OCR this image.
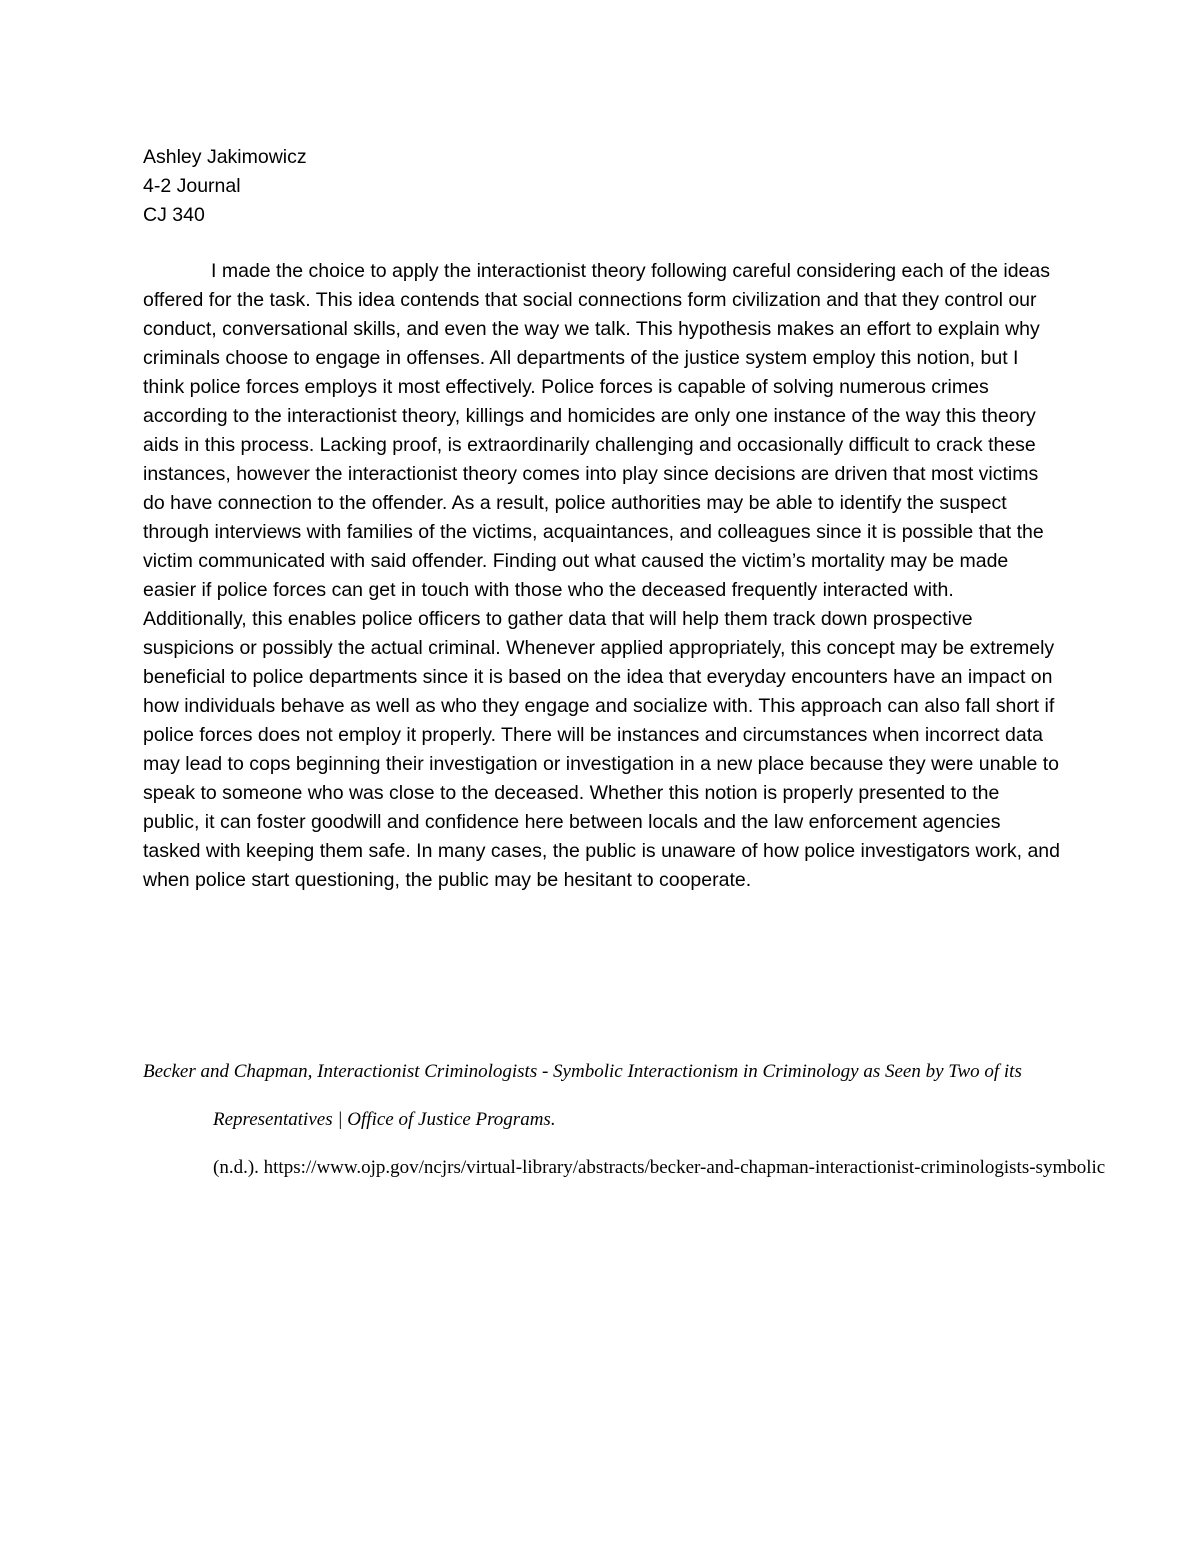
Ashley Jakimowicz
4-2 Journal
CJ 340
I made the choice to apply the interactionist theory following careful considering each of the ideas offered for the task. This idea contends that social connections form civilization and that they control our conduct, conversational skills, and even the way we talk. This hypothesis makes an effort to explain why criminals choose to engage in offenses. All departments of the justice system employ this notion, but I think police forces employs it most effectively. Police forces is capable of solving numerous crimes according to the interactionist theory, killings and homicides are only one instance of the way this theory aids in this process. Lacking proof, is extraordinarily challenging and occasionally difficult to crack these instances, however the interactionist theory comes into play since decisions are driven that most victims do have connection to the offender. As a result, police authorities may be able to identify the suspect through interviews with families of the victims, acquaintances, and colleagues since it is possible that the victim communicated with said offender. Finding out what caused the victim’s mortality may be made easier if police forces can get in touch with those who the deceased frequently interacted with. Additionally, this enables police officers to gather data that will help them track down prospective suspicions or possibly the actual criminal. Whenever applied appropriately, this concept may be extremely beneficial to police departments since it is based on the idea that everyday encounters have an impact on how individuals behave as well as who they engage and socialize with. This approach can also fall short if police forces does not employ it properly. There will be instances and circumstances when incorrect data may lead to cops beginning their investigation or investigation in a new place because they were unable to speak to someone who was close to the deceased. Whether this notion is properly presented to the public, it can foster goodwill and confidence here between locals and the law enforcement agencies tasked with keeping them safe. In many cases, the public is unaware of how police investigators work, and when police start questioning, the public may be hesitant to cooperate.
Becker and Chapman, Interactionist Criminologists - Symbolic Interactionism in Criminology as Seen by Two of its Representatives | Office of Justice Programs.
(n.d.). https://www.ojp.gov/ncjrs/virtual-library/abstracts/becker-and-chapman-interactionist-criminologists-symbolic
